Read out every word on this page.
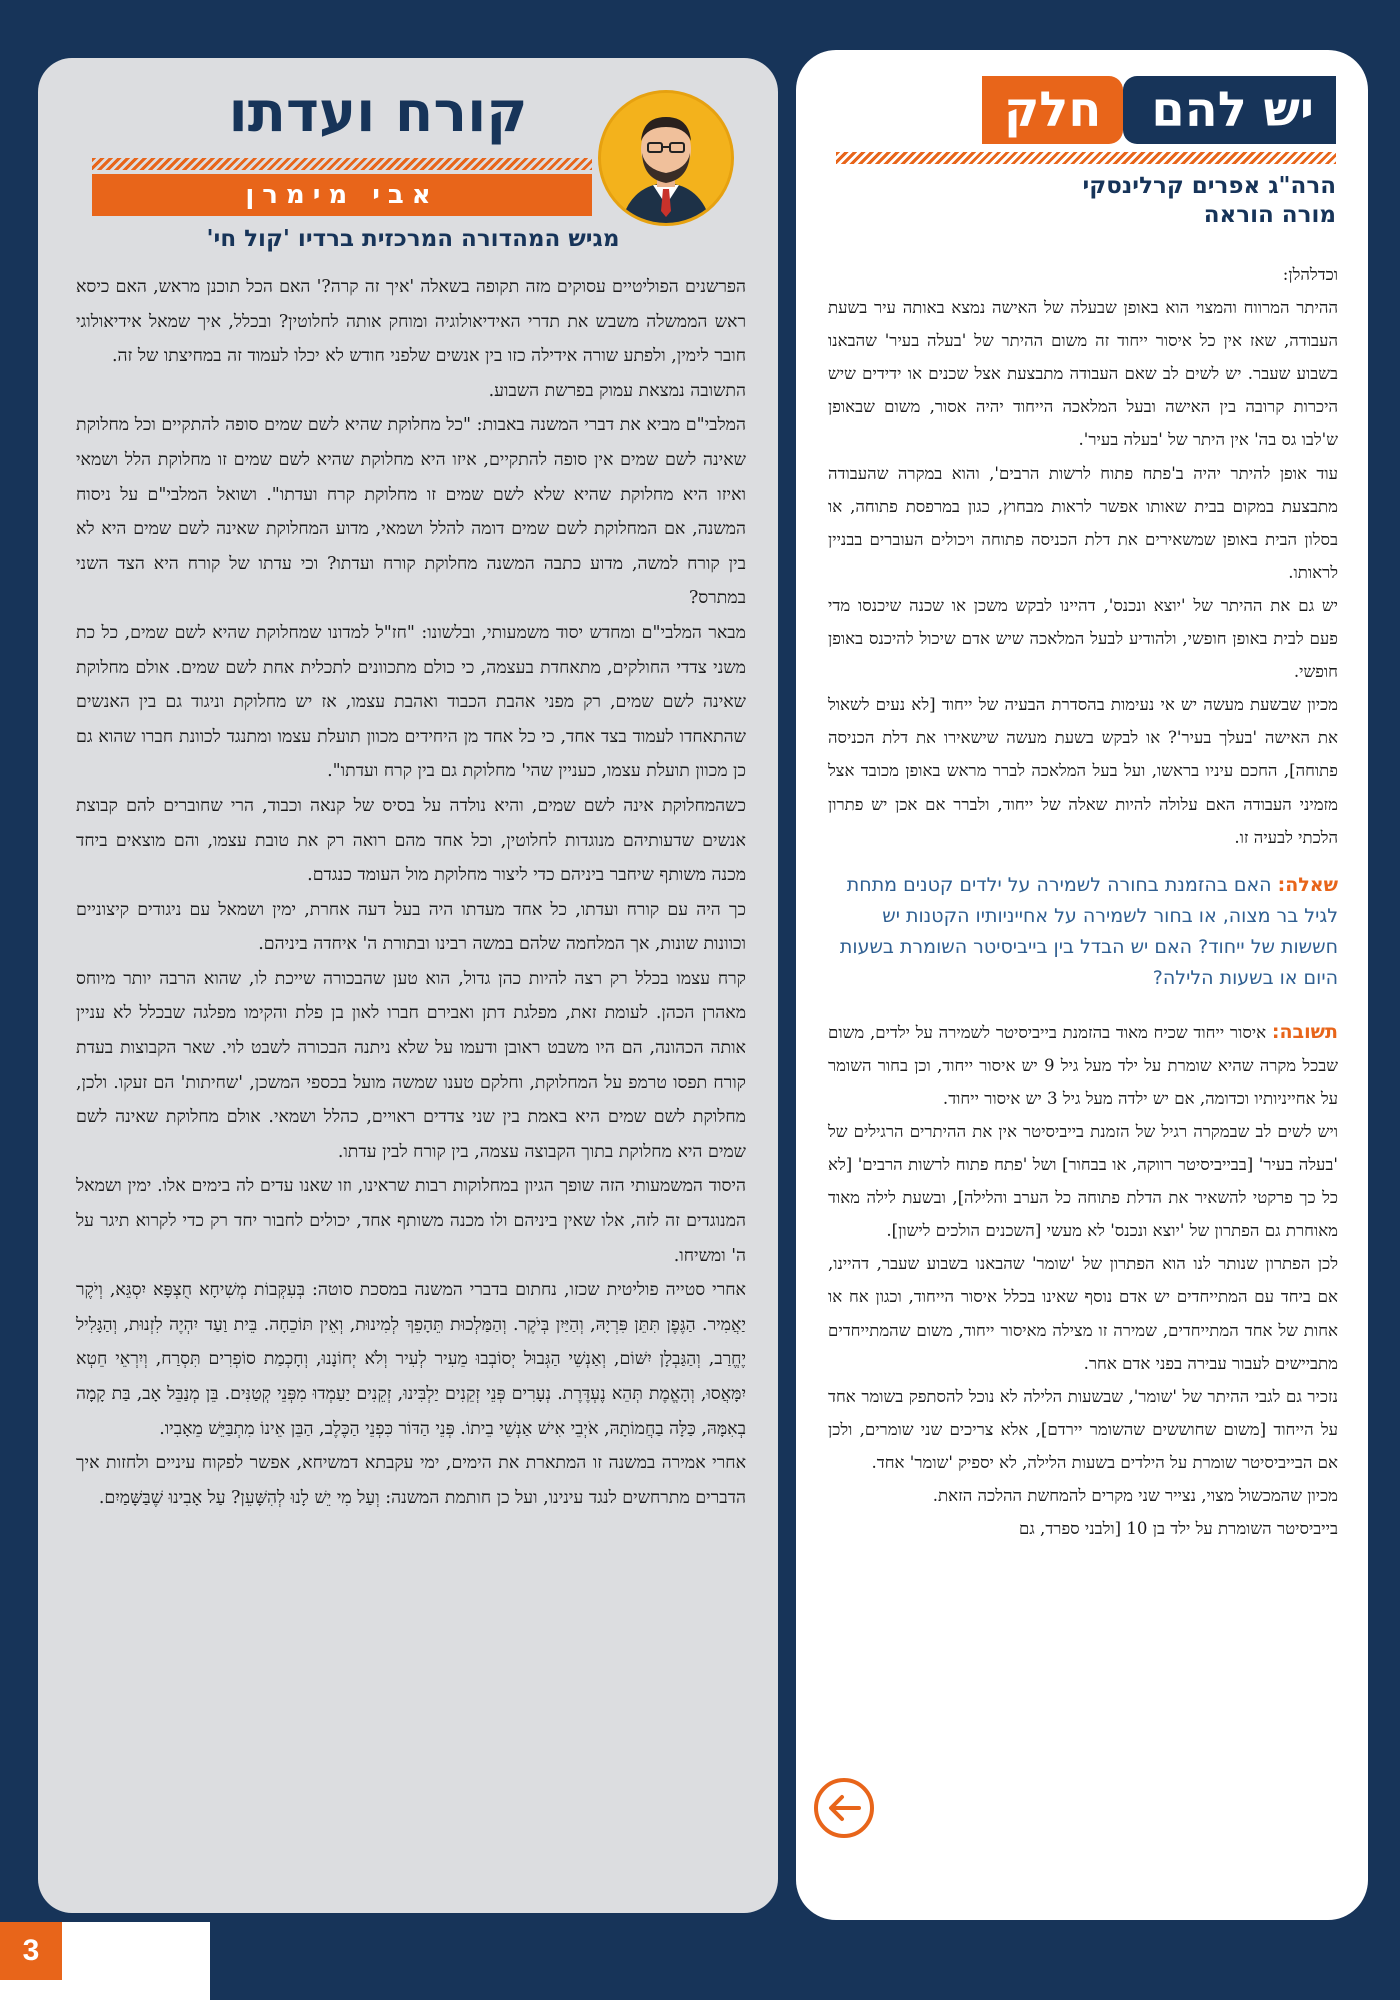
3
קורח ועדתו
אבי מימרן
מגיש המהדורה המרכזית ברדיו 'קול חי'

הפרשנים הפוליטיים עסוקים מזה תקופה בשאלה 'איך זה קרה?' האם הכל תוכנן מראש, האם כיסא ראש הממשלה משבש את תדרי האידיאולוגיה ומוחק אותה לחלוטין? ובכלל, איך שמאל אידיאולוגי חובר לימין, ולפתע שורה אידילה כזו בין אנשים שלפני חודש לא יכלו לעמוד זה במחיצתו של זה.

התשובה נמצאת עמוק בפרשת השבוע.

המלבי"ם מביא את דברי המשנה באבות: "כל מחלוקת שהיא לשם שמים סופה להתקיים וכל מחלוקת שאינה לשם שמים אין סופה להתקיים, איזו היא מחלוקת שהיא לשם שמים זו מחלוקת הלל ושמאי ואיזו היא מחלוקת שהיא שלא לשם שמים זו מחלוקת קרח ועדתו". ושואל המלבי"ם על ניסוח המשנה, אם המחלוקת לשם שמים דומה להלל ושמאי, מדוע המחלוקת שאינה לשם שמים היא לא בין קורח למשה, מדוע כתבה המשנה מחלוקת קורח ועדתו? וכי עדתו של קורח היא הצד השני במתרס?

מבאר המלבי"ם ומחדש יסוד משמעותי, ובלשונו: "חז"ל למדונו שמחלוקת שהיא לשם שמים, כל כת משני צדדי החולקים, מתאחדת בעצמה, כי כולם מתכוונים לתכלית אחת לשם שמים. אולם מחלוקת שאינה לשם שמים, רק מפני אהבת הכבוד ואהבת עצמו, אז יש מחלוקת וניגוד גם בין האנשים שהתאחדו לעמוד בצד אחד, כי כל אחד מן היחידים מכוון תועלת עצמו ומתנגד לכוונת חברו שהוא גם כן מכוון תועלת עצמו, כעניין שהי' מחלוקת גם בין קרח ועדתו".

כשהמחלוקת אינה לשם שמים, והיא נולדה על בסיס של קנאה וכבוד, הרי שחוברים להם קבוצת אנשים שדעותיהם מנוגדות לחלוטין, וכל אחד מהם רואה רק את טובת עצמו, והם מוצאים ביחד מכנה משותף שיחבר ביניהם כדי ליצור מחלוקת מול העומד כנגדם.

כך היה עם קורח ועדתו, כל אחד מעדתו היה בעל דעה אחרת, ימין ושמאל עם ניגודים קיצוניים וכוונות שונות, אך המלחמה שלהם במשה רבינו ובתורת ה' איחדה ביניהם.

קרח עצמו בכלל רק רצה להיות כהן גדול, הוא טען שהבכורה שייכת לו, שהוא הרבה יותר מיוחס מאהרן הכהן. לעומת זאת, מפלגת דתן ואבירם חברו לאון בן פלת והקימו מפלגה שבכלל לא עניין אותה הכהונה, הם היו משבט ראובן ודעמו על שלא ניתנה הבכורה לשבט לוי. שאר הקבוצות בעדת קורח תפסו טרמפ על המחלוקת, וחלקם טענו שמשה מועל בכספי המשכן, 'שחיתות' הם זעקו. ולכן, מחלוקת לשם שמים היא באמת בין שני צדדים ראויים, כהלל ושמאי. אולם מחלוקת שאינה לשם שמים היא מחלוקת בתוך הקבוצה עצמה, בין קורח לבין עדתו.

היסוד המשמעותי הזה שופך הגיון במחלוקות רבות שראינו, וזו שאנו עדים לה בימים אלו. ימין ושמאל המנוגדים זה לזה, אלו שאין ביניהם ולו מכנה משותף אחד, יכולים לחבור יחד רק כדי לקרוא תיגר על ה' ומשיחו.

אחרי סטייה פוליטית שכזו, נחתום בדברי המשנה במסכת סוטה: בְּעִקְּבוֹת מְשִׁיחָא חֻצְפָּא יִסְגֵּא, וְיֹקֶר יַאֲמִיר. הַגֶּפֶן תִּתֵּן פִּרְיָהּ, וְהַיַּיִן בְּיֹקֶר. וְהַמַּלְכוּת תֵּהָפֵךְ לְמִינוּת, וְאֵין תּוֹכֵחָה. בֵּית וַעַד יִהְיֶה לִזְנוּת, וְהַגָּלִיל יֶחֱרַב, וְהַגַּבְלָן יִשּׁוֹם, וְאַנְשֵׁי הַגְּבוּל יְסוֹבְבוּ מֵעִיר לְעִיר וְלֹא יְחוֹנָנוּ, וְחָכְמַת סוֹפְרִים תִּסְרַח, וְיִרְאֵי חֵטְא יִמָּאֲסוּ, וְהָאֱמֶת תְּהֵא נֶעְדֶּרֶת. נְעָרִים פְּנֵי זְקֵנִים יַלְבִּינוּ, זְקֵנִים יַעַמְדוּ מִפְּנֵי קְטַנִּים. בֵּן מְנַבֵּל אָב, בַּת קָמָה בְאִמָּהּ, כַּלָּה בַחֲמוֹתָהּ, אֹיְבֵי אִישׁ אַנְשֵׁי בֵיתוֹ. פְּנֵי הַדּוֹר כִּפְנֵי הַכֶּלֶב, הַבֵּן אֵינוֹ מִתְבַּיֵּשׁ מֵאָבִיו.

אחרי אמירה במשנה זו המתארת את הימים, ימי עקבתא דמשיחא, אפשר לפקוח עיניים ולחזות איך הדברים מתרחשים לנגד עינינו, ועל כן חותמת המשנה: וְעַל מִי יֵשׁ לָנוּ לְהִשָּׁעֵן? עַל אָבִינוּ שֶׁבַּשָּׁמַיִם.

יש להם
חלק
הרה"ג אפרים קרלינסקי
מורה הוראה

וכדלהלן:

ההיתר המרווח והמצוי הוא באופן שבעלה של האישה נמצא באותה עיר בשעת העבודה, שאז אין כל איסור ייחוד זה משום ההיתר של 'בעלה בעיר' שהבאנו בשבוע שעבר. יש לשים לב שאם העבודה מתבצעת אצל שכנים או ידידים שיש היכרות קרובה בין האישה ובעל המלאכה הייחוד יהיה אסור, משום שבאופן ש'לבו גס בה' אין היתר של 'בעלה בעיר'.

עוד אופן להיתר יהיה ב'פתח פתוח לרשות הרבים', והוא במקרה שהעבודה מתבצעת במקום בבית שאותו אפשר לראות מבחוץ, כגון במרפסת פתוחה, או בסלון הבית באופן שמשאירים את דלת הכניסה פתוחה ויכולים העוברים בבניין לראותו.

יש גם את ההיתר של 'יוצא ונכנס', דהיינו לבקש משכן או שכנה שיכנסו מדי פעם לבית באופן חופשי, ולהודיע לבעל המלאכה שיש אדם שיכול להיכנס באופן חופשי.

מכיון שבשעת מעשה יש אי נעימות בהסדרת הבעיה של ייחוד [לא נעים לשאול את האישה 'בעלך בעיר'? או לבקש בשעת מעשה שישאירו את דלת הכניסה פתוחה], החכם עיניו בראשו, ועל בעל המלאכה לברר מראש באופן מכובד אצל מזמיני העבודה האם עלולה להיות שאלה של ייחוד, ולברר אם אכן יש פתרון הלכתי לבעיה זו.

שאלה: האם בהזמנת בחורה לשמירה על ילדים קטנים מתחת לגיל בר מצוה, או בחור לשמירה על אחייניותיו הקטנות יש חששות של ייחוד? האם יש הבדל בין בייביסיטר השומרת בשעות היום או בשעות הלילה?

תשובה: איסור ייחוד שכיח מאוד בהזמנת בייביסיטר לשמירה על ילדים, משום שבכל מקרה שהיא שומרת על ילד מעל גיל 9 יש איסור ייחוד, וכן בחור השומר על אחייניותיו וכדומה, אם יש ילדה מעל גיל 3 יש איסור ייחוד.

ויש לשים לב שבמקרה רגיל של הזמנת בייביסיטר אין את ההיתרים הרגילים של 'בעלה בעיר' [בבייביסיטר רווקה, או בבחור] ושל 'פתח פתוח לרשות הרבים' [לא כל כך פרקטי להשאיר את הדלת פתוחה כל הערב והלילה], ובשעת לילה מאוד מאוחרת גם הפתרון של 'יוצא ונכנס' לא מעשי [השכנים הולכים לישון].

לכן הפתרון שנותר לנו הוא הפתרון של 'שומר' שהבאנו בשבוע שעבר, דהיינו, אם ביחד עם המתייחדים יש אדם נוסף שאינו בכלל איסור הייחוד, וכגון אח או אחות של אחד המתייחדים, שמירה זו מצילה מאיסור ייחוד, משום שהמתייחדים מתביישים לעבור עבירה בפני אדם אחר.

נזכיר גם לגבי ההיתר של 'שומר', שבשעות הלילה לא נוכל להסתפק בשומר אחד על הייחוד [משום שחוששים שהשומר יירדם], אלא צריכים שני שומרים, ולכן אם הבייביסיטר שומרת על הילדים בשעות הלילה, לא יספיק 'שומר' אחד.

מכיון שהמכשול מצוי, נצייר שני מקרים להמחשת ההלכה הזאת.

בייביסיטר השומרת על ילד בן 10 [ולבני ספרד, גם
